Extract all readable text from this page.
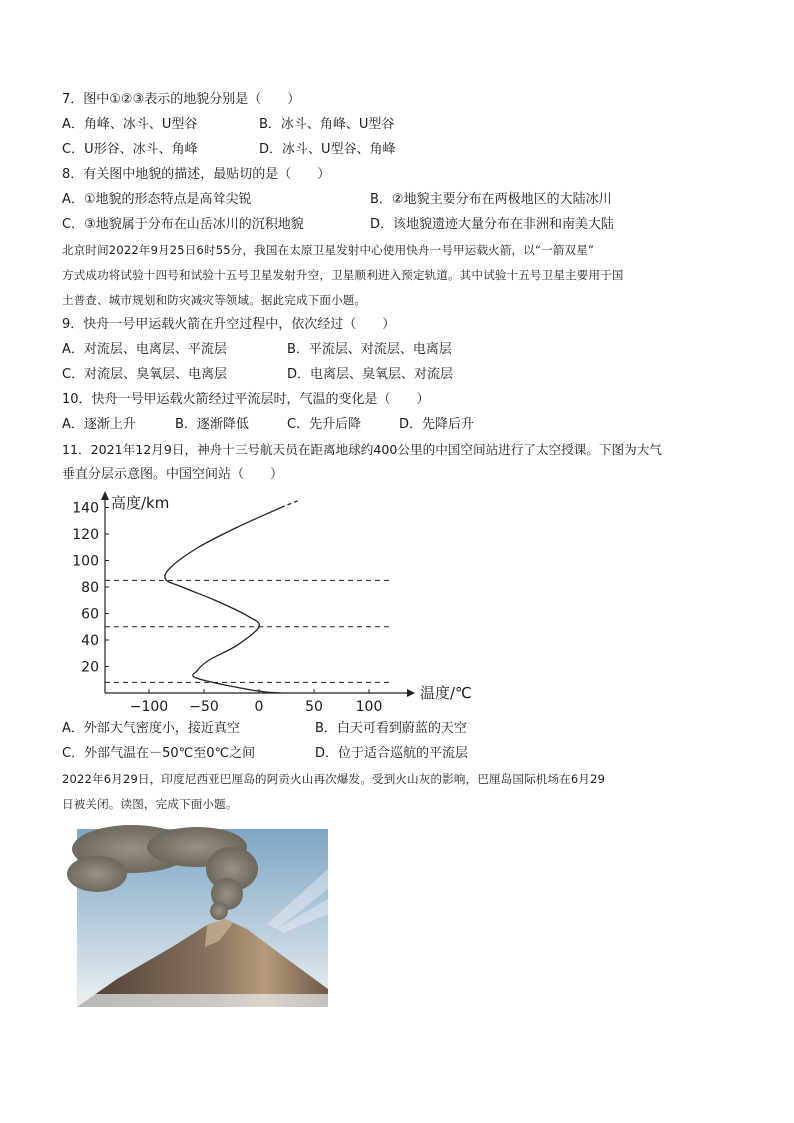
7．图中①②③表示的地貌分别是（　　）
A．角峰、冰斗、U型谷	B．冰斗、角峰、U型谷
C．U形谷、冰斗、角峰	D．冰斗、U型谷、角峰
8．有关图中地貌的描述，最贴切的是（　　）
A．①地貌的形态特点是高耸尖锐	B．②地貌主要分布在两极地区的大陆冰川
C．③地貌属于分布在山岳冰川的沉积地貌	D．该地貌遗迹大量分布在非洲和南美大陆
北京时间2022年9月25日6时55分，我国在太原卫星发射中心使用快舟一号甲运载火箭，以“一箭双星”
方式成功将试验十四号和试验十五号卫星发射升空，卫星顺利进入预定轨道。其中试验十五号卫星主要用于国
土普查、城市规划和防灾减灾等领域。据此完成下面小题。
9．快舟一号甲运载火箭在升空过程中，依次经过（　　）
A．对流层、电离层、平流层	B．平流层、对流层、电离层
C．对流层、臭氧层、电离层	D．电离层、臭氧层、对流层
10．快舟一号甲运载火箭经过平流层时，气温的变化是（　　）
A．逐渐上升	B．逐渐降低	C．先升后降	D．先降后升
11．2021年12月9日，神舟十三号航天员在距离地球约400公里的中国空间站进行了太空授课。下图为大气
垂直分层示意图。中国空间站（　　）
20
40
60
80
100
120
140
−100 −50	0	50 100
高度/km
温度/℃
A．外部大气密度小，接近真空	B．白天可看到蔚蓝的天空
C．外部气温在－50℃至0℃之间	D．位于适合巡航的平流层
2022年6月29日，印度尼西亚巴厘岛的阿贡火山再次爆发。受到火山灰的影响，巴厘岛国际机场在6月29
日被关闭。读图，完成下面小题。
